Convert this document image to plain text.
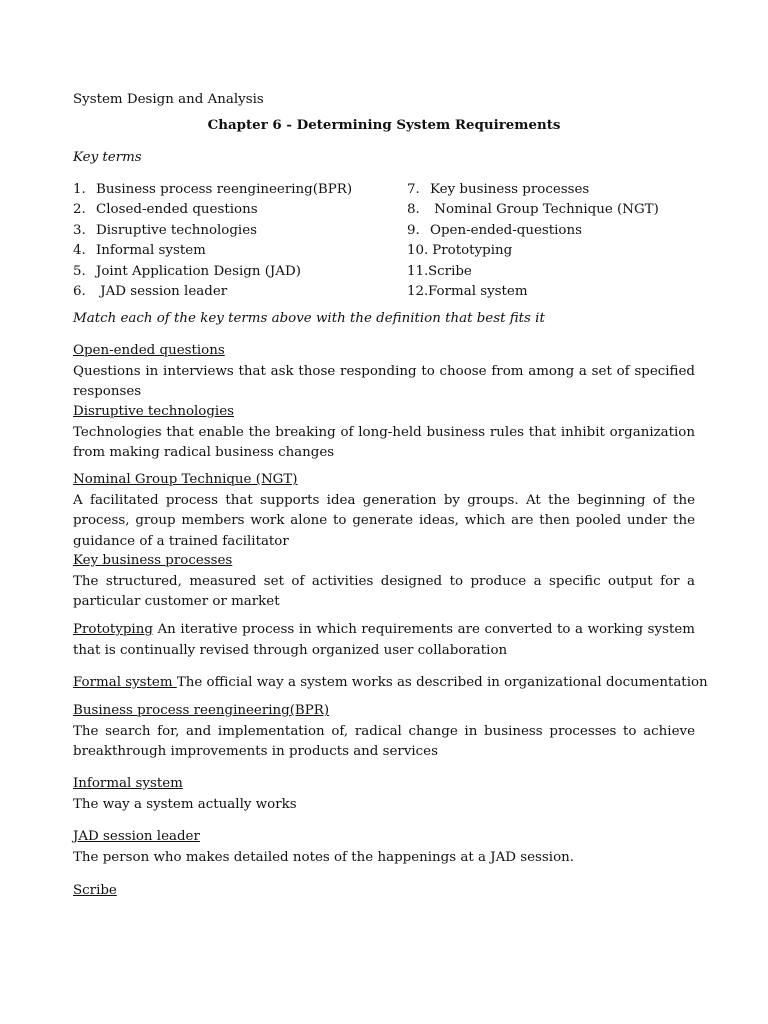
System Design and Analysis
Chapter 6 - Determining System Requirements
Key terms
1. Business process reengineering(BPR)
2. Closed-ended questions
3. Disruptive technologies
4. Informal system
5. Joint Application Design (JAD)
6. JAD session leader
7. Key business processes
8. Nominal Group Technique (NGT)
9. Open-ended-questions
10. Prototyping
11.Scribe
12.Formal system
Match each of the key terms above with the definition that best fits it
Open-ended questions
Questions in interviews that ask those responding to choose from among a set of specified responses
Disruptive technologies
Technologies that enable the breaking of long-held business rules that inhibit organization from making radical business changes
Nominal Group Technique (NGT)
A facilitated process that supports idea generation by groups. At the beginning of the process, group members work alone to generate ideas, which are then pooled under the guidance of a trained facilitator
Key business processes
The structured, measured set of activities designed to produce a specific output for a particular customer or market
Prototyping An iterative process in which requirements are converted to a working system that is continually revised through organized user collaboration
Formal system The official way a system works as described in organizational documentation
Business process reengineering(BPR)
The search for, and implementation of, radical change in business processes to achieve breakthrough improvements in products and services
Informal system
The way a system actually works
JAD session leader
The person who makes detailed notes of the happenings at a JAD session.
Scribe
